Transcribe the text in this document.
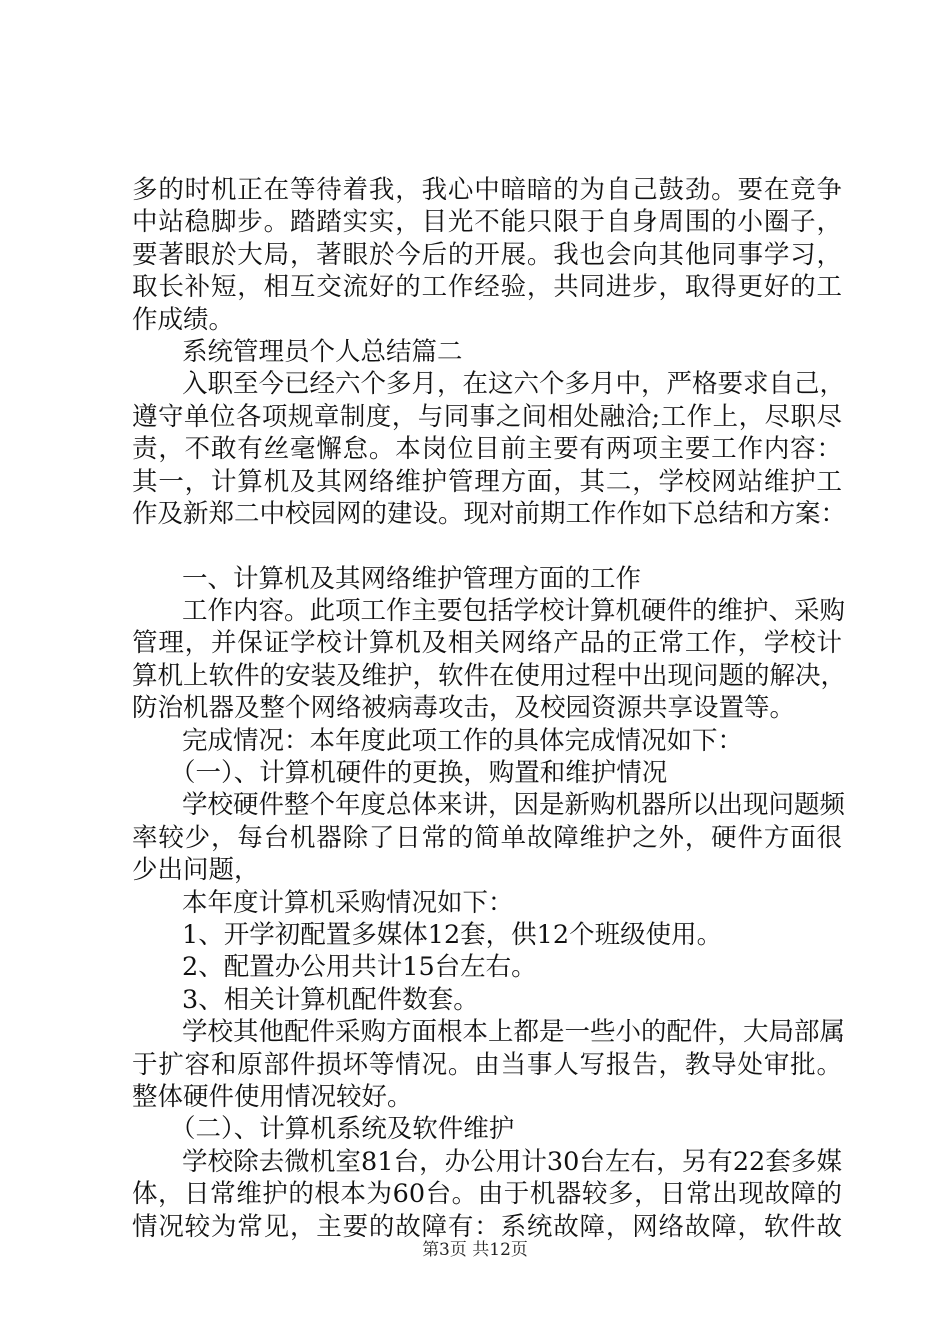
多的时机正在等待着我，我心中暗暗的为自己鼓劲。要在竞争
中站稳脚步。踏踏实实，目光不能只限于自身周围的小圈子，
要著眼於大局，著眼於今后的开展。我也会向其他同事学习，
取长补短，相互交流好的工作经验，共同进步，取得更好的工
作成绩。
系统管理员个人总结篇二
入职至今已经六个多月，在这六个多月中，严格要求自己，
遵守单位各项规章制度，与同事之间相处融洽;工作上，尽职尽
责，不敢有丝毫懈怠。本岗位目前主要有两项主要工作内容：
其一，计算机及其网络维护管理方面，其二，学校网站维护工
作及新郑二中校园网的建设。现对前期工作作如下总结和方案：
一、计算机及其网络维护管理方面的工作
工作内容。此项工作主要包括学校计算机硬件的维护、采购
管理，并保证学校计算机及相关网络产品的正常工作，学校计
算机上软件的安装及维护，软件在使用过程中出现问题的解决，
防治机器及整个网络被病毒攻击，及校园资源共享设置等。
完成情况：本年度此项工作的具体完成情况如下：
（一）、计算机硬件的更换，购置和维护情况
学校硬件整个年度总体来讲，因是新购机器所以出现问题频
率较少，每台机器除了日常的简单故障维护之外，硬件方面很
少出问题，
本年度计算机采购情况如下：
1、开学初配置多媒体12套，供12个班级使用。
2、配置办公用共计15台左右。
3、相关计算机配件数套。
学校其他配件采购方面根本上都是一些小的配件，大局部属
于扩容和原部件损坏等情况。由当事人写报告，教导处审批。
整体硬件使用情况较好。
（二）、计算机系统及软件维护
学校除去微机室81台，办公用计30台左右，另有22套多媒
体，日常维护的根本为60台。由于机器较多，日常出现故障的
情况较为常见，主要的故障有：系统故障，网络故障，软件故
第3页 共12页
